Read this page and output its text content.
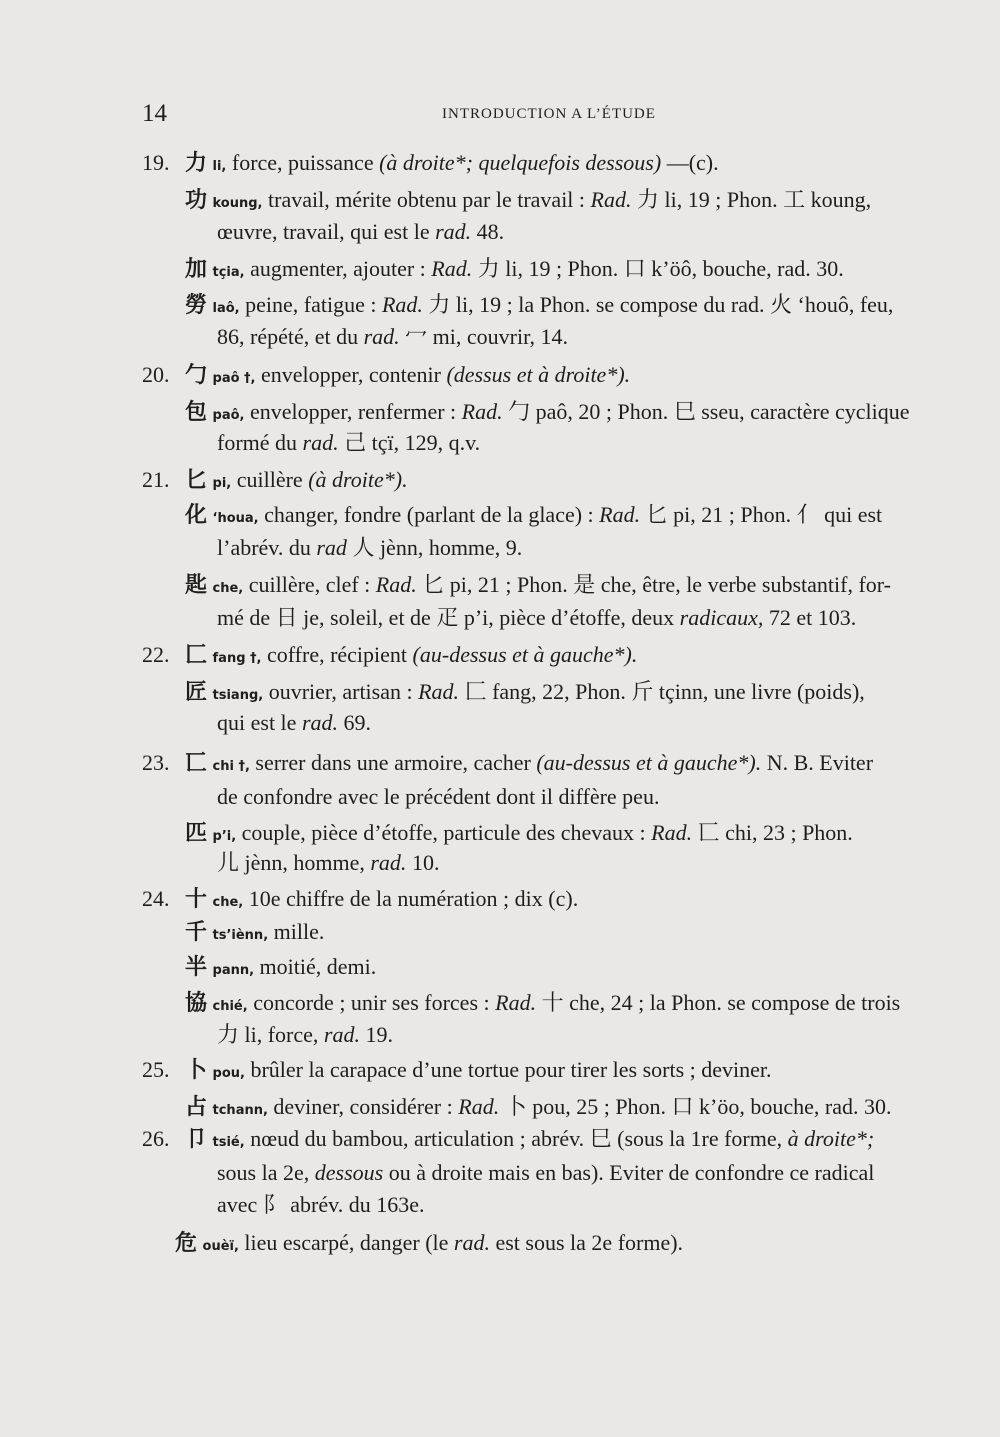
14	INTRODUCTION A L’ÉTUDE
19. 力 li, force, puissance (à droite*; quelquefois dessous) —(c).
功 koung, travail, mérite obtenu par le travail : Rad. 力 li, 19 ; Phon. 工 koung,
œuvre, travail, qui est le rad. 48.
加 tçia, augmenter, ajouter : Rad. 力 li, 19 ; Phon. 口 k’öô, bouche, rad. 30.
勞 laô, peine, fatigue : Rad. 力 li, 19 ; la Phon. se compose du rad. 火 ‘houô, feu,
86, répété, et du rad. 冖 mi, couvrir, 14.
20. 勹 paô †, envelopper, contenir (dessus et à droite*).
包 paô, envelopper, renfermer : Rad. 勹 paô, 20 ; Phon. 巳 sseu, caractère cyclique
formé du rad. 己 tçï, 129, q.v.
21. 匕 pi, cuillère (à droite*).
化 ‘houa, changer, fondre (parlant de la glace) : Rad. 匕 pi, 21 ; Phon. 亻 qui est
l’abrév. du rad 人 jènn, homme, 9.
匙 che, cuillère, clef : Rad. 匕 pi, 21 ; Phon. 是 che, être, le verbe substantif, for-
mé de 日 je, soleil, et de 疋 p’i, pièce d’étoffe, deux radicaux, 72 et 103.
22. 匚 fang †, coffre, récipient (au-dessus et à gauche*).
匠 tsiang, ouvrier, artisan : Rad. 匚 fang, 22, Phon. 斤 tçinn, une livre (poids),
qui est le rad. 69.
23. 匸 chi †, serrer dans une armoire, cacher (au-dessus et à gauche*). N. B. Eviter
de confondre avec le précédent dont il diffère peu.
匹 p’i, couple, pièce d’étoffe, particule des chevaux : Rad. 匸 chi, 23 ; Phon.
儿 jènn, homme, rad. 10.
24. 十 che, 10e chiffre de la numération ; dix (c).
千 ts’iènn, mille.
半 pann, moitié, demi.
協 chié, concorde ; unir ses forces : Rad. 十 che, 24 ; la Phon. se compose de trois
力 li, force, rad. 19.
25. 卜 pou, brûler la carapace d’une tortue pour tirer les sorts ; deviner.
占 tchann, deviner, considérer : Rad. 卜 pou, 25 ; Phon. 口 k’öo, bouche, rad. 30.
26. 卩 tsié, nœud du bambou, articulation ; abrév. 巳 (sous la 1re forme, à droite*;
sous la 2e, dessous ou à droite mais en bas). Eviter de confondre ce radical
avec 阝 abrév. du 163e.
危 ouèï, lieu escarpé, danger (le rad. est sous la 2e forme).
